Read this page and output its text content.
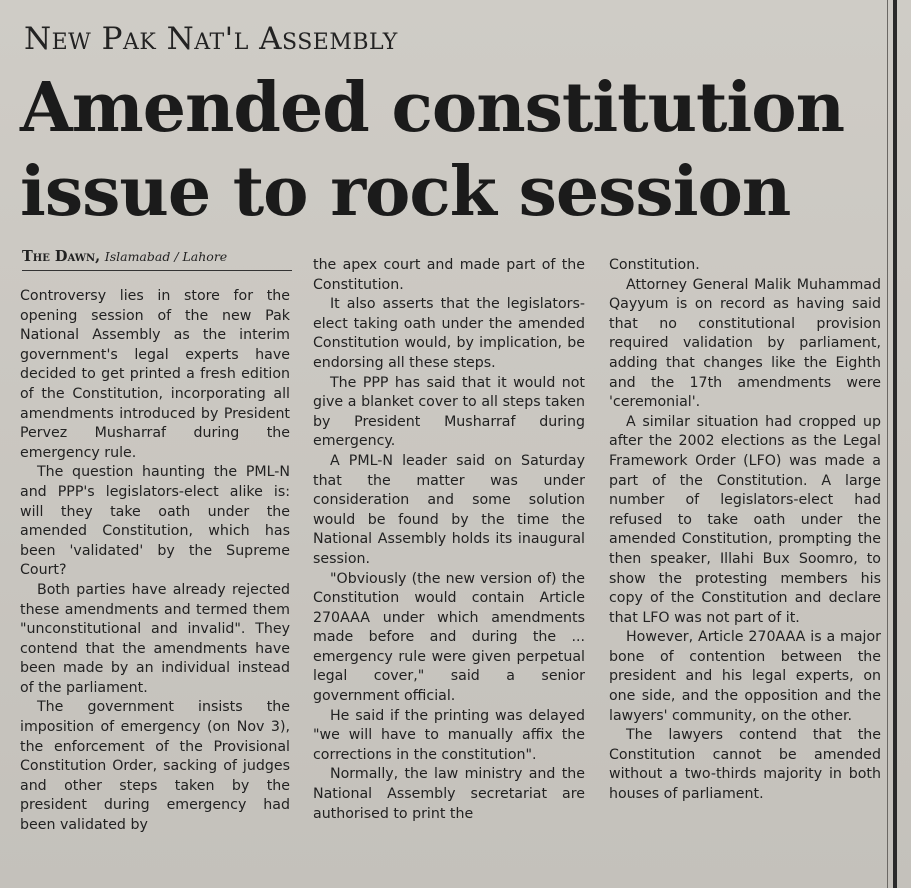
New Pak Nat'l Assembly
Amended constitution issue to rock session
The Dawn, Islamabad / Lahore

Controversy lies in store for the opening session of the new Pak National Assembly as the interim government's legal experts have decided to get printed a fresh edition of the Constitution, incorporating all amendments introduced by President Pervez Musharraf during the emergency rule.

The question haunting the PML-N and PPP's legislators-elect alike is: will they take oath under the amended Constitution, which has been 'validated' by the Supreme Court?

Both parties have already rejected these amendments and termed them "unconstitutional and invalid". They contend that the amendments have been made by an individual instead of the parliament.

The government insists the imposition of emergency (on Nov 3), the enforcement of the Provisional Constitution Order, sacking of judges and other steps taken by the president during emergency had been validated by

the apex court and made part of the Constitution.

It also asserts that the legislators-elect taking oath under the amended Constitution would, by implication, be endorsing all these steps.

The PPP has said that it would not give a blanket cover to all steps taken by President Musharraf during emergency.

A PML-N leader said on Saturday that the matter was under consideration and some solution would be found by the time the National Assembly holds its inaugural session.

"Obviously (the new version of) the Constitution would contain Article 270AAA under which amendments made before and during the ... emergency rule were given perpetual legal cover," said a senior government official.

He said if the printing was delayed "we will have to manually affix the corrections in the constitution".

Normally, the law ministry and the National Assembly secretariat are authorised to print the

Constitution.

Attorney General Malik Muhammad Qayyum is on record as having said that no constitutional provision required validation by parliament, adding that changes like the Eighth and the 17th amendments were 'ceremonial'.

A similar situation had cropped up after the 2002 elections as the Legal Framework Order (LFO) was made a part of the Constitution. A large number of legislators-elect had refused to take oath under the amended Constitution, prompting the then speaker, Illahi Bux Soomro, to show the protesting members his copy of the Constitution and declare that LFO was not part of it.

However, Article 270AAA is a major bone of contention between the president and his legal experts, on one side, and the opposition and the lawyers' community, on the other.

The lawyers contend that the Constitution cannot be amended without a two-thirds majority in both houses of parliament.
